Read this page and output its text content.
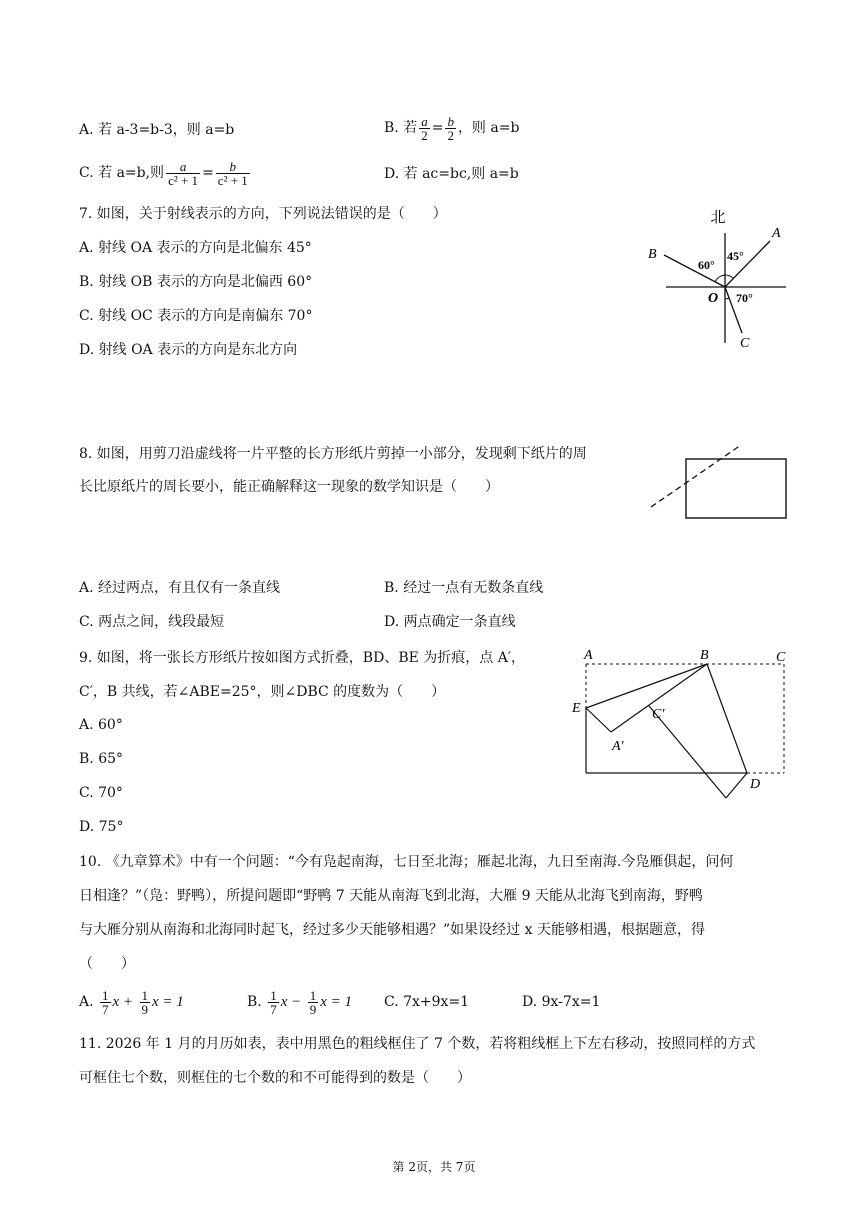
A. 若 a-3=b-3，则 a=b	B. 若 $\frac{a}{2} = \frac{b}{2}$ ，则 a=b
C. 若 a=b,则 $\frac{a}{\text{c² + 1}} = \frac{b}{\text{c² + 1}}$	D. 若 ac=bc,则 a=b
7. 如图，关于射线表示的方向，下列说法错误的是（　　）
A. 射线 OA 表示的方向是北偏东 45°
B. 射线 OB 表示的方向是北偏西 60°
C. 射线 OC 表示的方向是南偏东 70°
D. 射线 OA 表示的方向是东北方向
北
A
B
C
O
60°
45°
70°
8. 如图，用剪刀沿虚线将一片平整的长方形纸片剪掉一小部分，发现剩下纸片的周
长比原纸片的周长要小，能正确解释这一现象的数学知识是（　　）
A. 经过两点，有且仅有一条直线	B. 经过一点有无数条直线
C. 两点之间，线段最短	D. 两点确定一条直线
9. 如图，将一张长方形纸片按如图方式折叠，BD、BE 为折痕，点 A′，
C′，B 共线，若∠ABE=25°，则∠DBC 的度数为（　　）
A. 60°
B. 65°
C. 70°
D. 75°
A	B	C
E
D
A′
C′
10. 《九章算术》中有一个问题：“今有凫起南海，七日至北海；雁起北海，九日至南海.今凫雁俱起，问何
日相逢？”（凫：野鸭），所提问题即“野鸭 7 天能从南海飞到北海，大雁 9 天能从北海飞到南海，野鸭
与大雁分别从南海和北海同时起飞，经过多少天能够相遇？”如果设经过 x 天能够相遇，根据题意，得
（　　）
A. $\frac{1}{7}$ $x + \frac{1}{9}$ x = 1	B. $\frac{1}{7}$ $x - \frac{1}{9}$ x = 1 C. 7x+9x=1	D. 9x-7x=1
11. 2026 年 1 月的月历如表，表中用黑色的粗线框住了 7 个数，若将粗线框上下左右移动，按照同样的方式
可框住七个数，则框住的七个数的和不可能得到的数是（　　）
第 2页，共 7页
